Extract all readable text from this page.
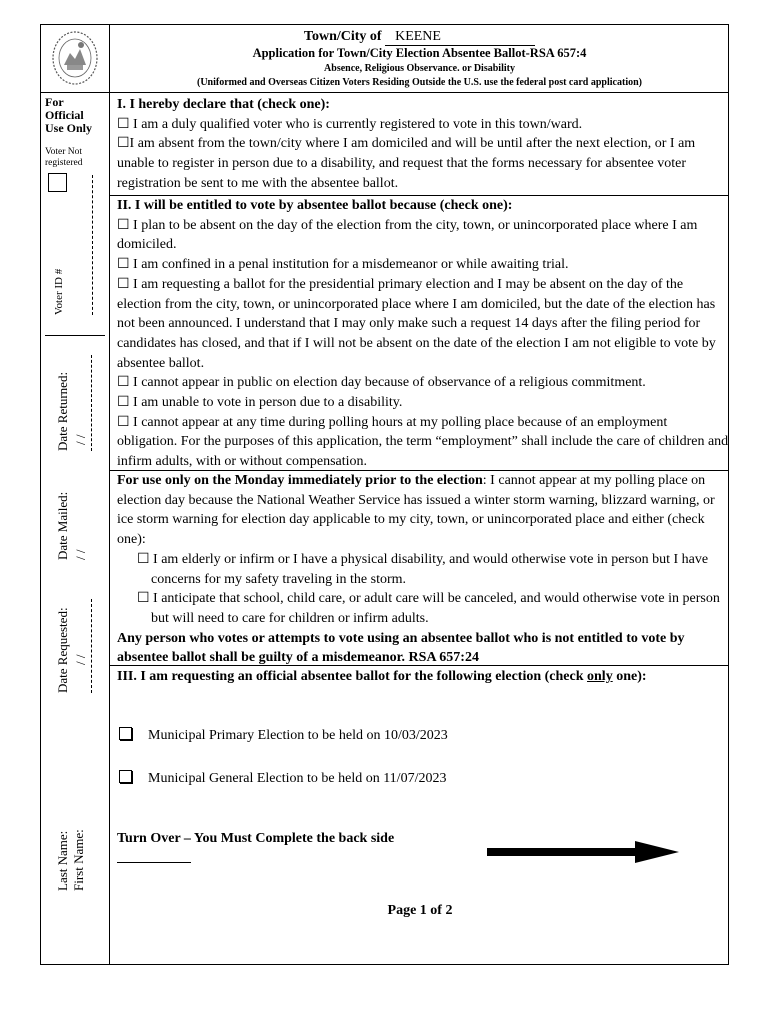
Town/City of KEENE
Application for Town/City Election Absentee Ballot-RSA 657:4
Absence, Religious Observance. or Disability
(Uniformed and Overseas Citizen Voters Residing Outside the U.S. use the federal post card application)
For
Official
Use Only
Voter Not
registered
Voter ID #
Date Returned: / /
Date Mailed: / /
Date Requested: / /
Last Name: First Name:

I. I hereby declare that (check one):

☐ I am a duly qualified voter who is currently registered to vote in this town/ward.

☐I am absent from the town/city where I am domiciled and will be until after the next election, or I am unable to register in person due to a disability, and request that the forms necessary for absentee voter registration be sent to me with the absentee ballot.

II. I will be entitled to vote by absentee ballot because (check one):

☐ I plan to be absent on the day of the election from the city, town, or unincorporated place where I am domiciled.

☐ I am confined in a penal institution for a misdemeanor or while awaiting trial.

☐ I am requesting a ballot for the presidential primary election and I may be absent on the day of the election from the city, town, or unincorporated place where I am domiciled, but the date of the election has not been announced. I understand that I may only make such a request 14 days after the filing period for candidates has closed, and that if I will not be absent on the date of the election I am not eligible to vote by absentee ballot.

☐ I cannot appear in public on election day because of observance of a religious commitment.

☐ I am unable to vote in person due to a disability.

☐ I cannot appear at any time during polling hours at my polling place because of an employment obligation. For the purposes of this application, the term “employment” shall include the care of children and infirm adults, with or without compensation.

For use only on the Monday immediately prior to the election: I cannot appear at my polling place on election day because the National Weather Service has issued a winter storm warning, blizzard warning, or ice storm warning for election day applicable to my city, town, or unincorporated place and either (check one):

☐ I am elderly or infirm or I have a physical disability, and would otherwise vote in person but I have concerns for my safety traveling in the storm.

☐ I anticipate that school, child care, or adult care will be canceled, and would otherwise vote in person but will need to care for children or infirm adults.

Any person who votes or attempts to vote using an absentee ballot who is not entitled to vote by absentee ballot shall be guilty of a misdemeanor. RSA 657:24

III. I am requesting an official absentee ballot for the following election (check only one):

Municipal Primary Election to be held on 10/03/2023
Municipal General Election to be held on 11/07/2023
Turn Over – You Must Complete the back side
Page 1 of 2
